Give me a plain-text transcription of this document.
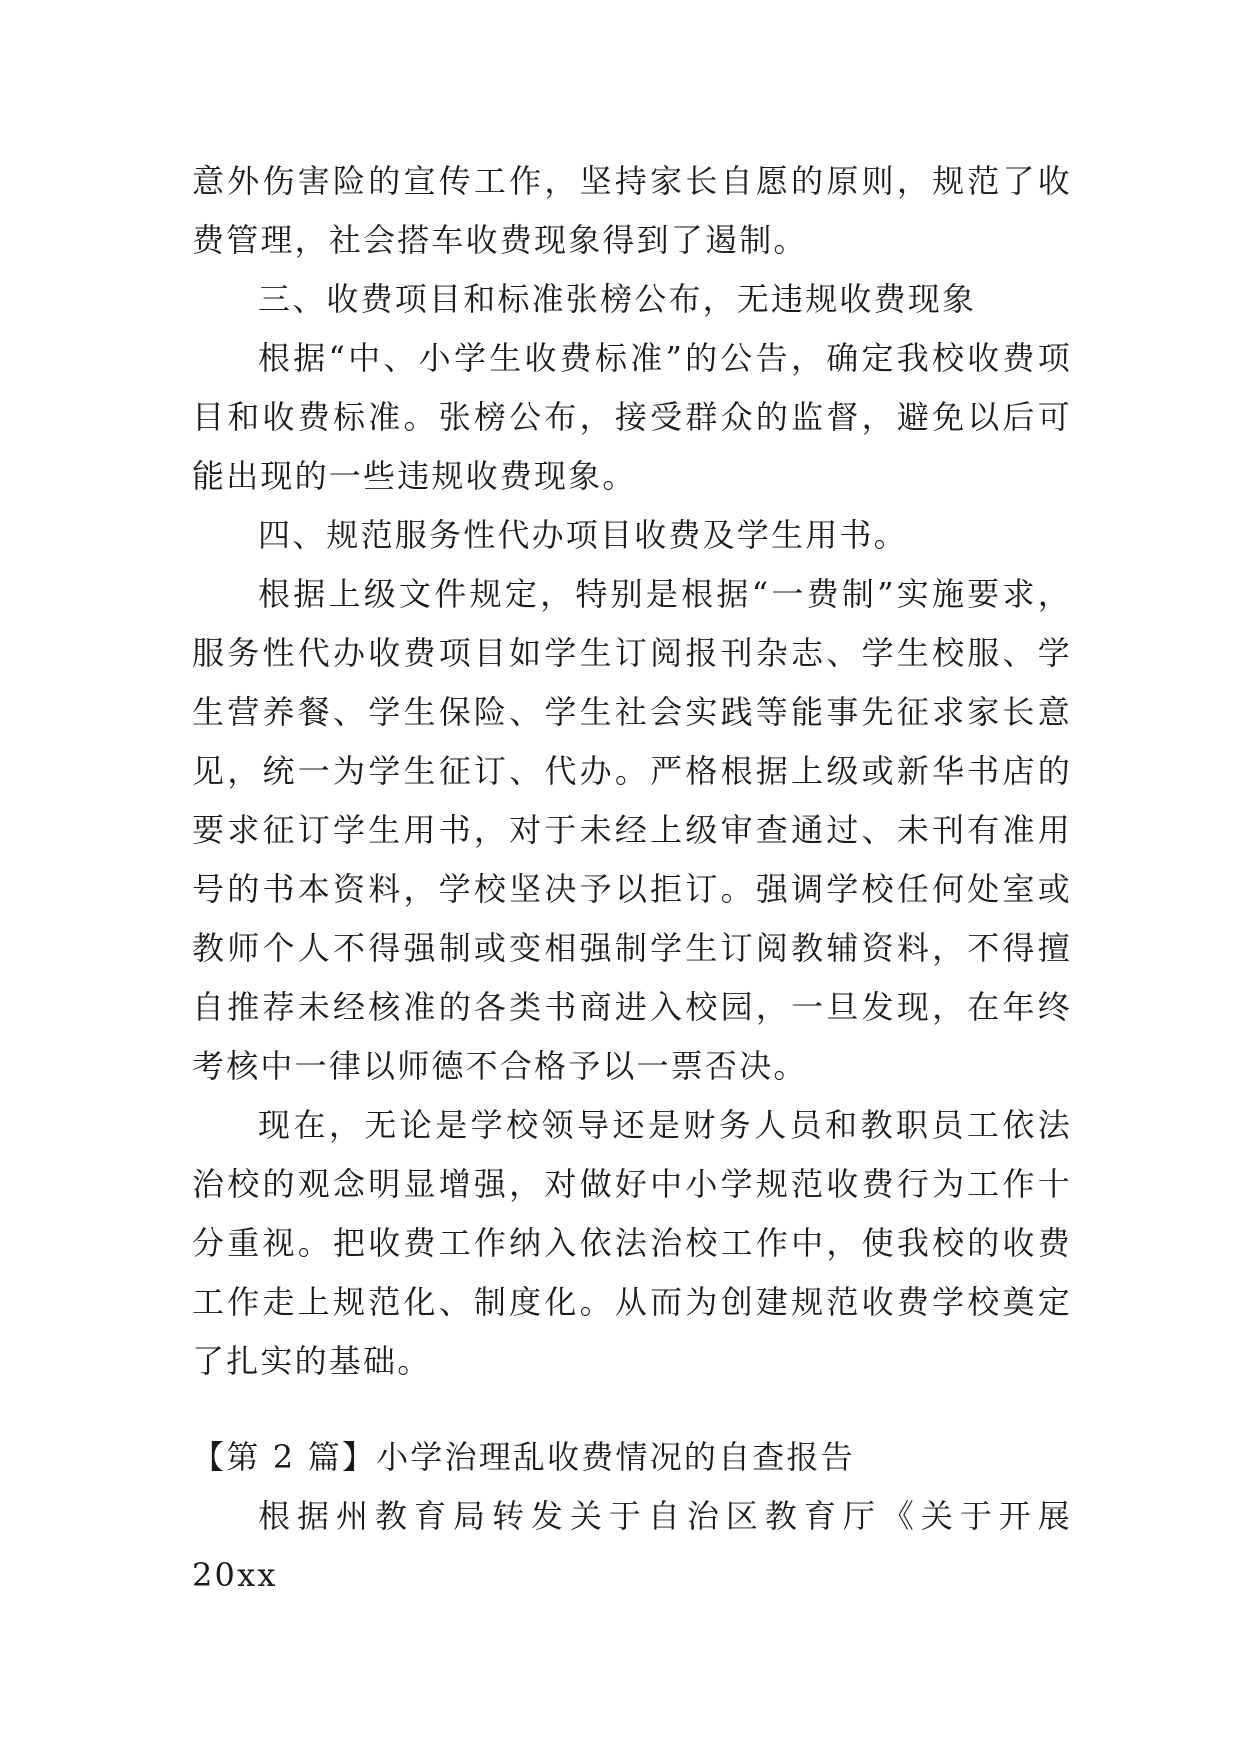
意外伤害险的宣传工作，坚持家长自愿的原则，规范了收费管理，社会搭车收费现象得到了遏制。

三、收费项目和标准张榜公布，无违规收费现象

根据“中、小学生收费标准”的公告，确定我校收费项目和收费标准。张榜公布，接受群众的监督，避免以后可能出现的一些违规收费现象。

四、规范服务性代办项目收费及学生用书。

根据上级文件规定，特别是根据“一费制”实施要求，服务性代办收费项目如学生订阅报刊杂志、学生校服、学生营养餐、学生保险、学生社会实践等能事先征求家长意见，统一为学生征订、代办。严格根据上级或新华书店的要求征订学生用书，对于未经上级审查通过、未刊有准用号的书本资料，学校坚决予以拒订。强调学校任何处室或教师个人不得强制或变相强制学生订阅教辅资料，不得擅自推荐未经核准的各类书商进入校园，一旦发现，在年终考核中一律以师德不合格予以一票否决。

现在，无论是学校领导还是财务人员和教职员工依法治校的观念明显增强，对做好中小学规范收费行为工作十分重视。把收费工作纳入依法治校工作中，使我校的收费工作走上规范化、制度化。从而为创建规范收费学校奠定了扎实的基础。

【第 2 篇】小学治理乱收费情况的自查报告

根据州教育局转发关于自治区教育厅《关于开展 20xx
